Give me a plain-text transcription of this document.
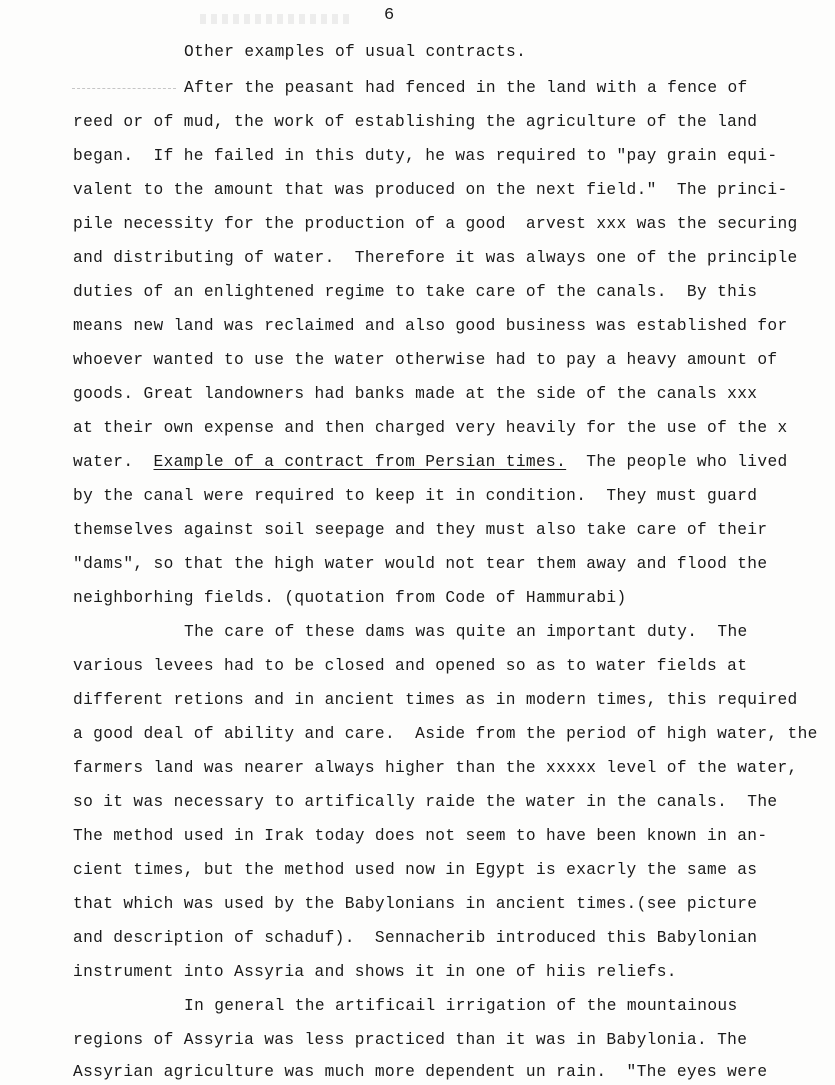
6
Other examples of usual contracts.
After the peasant had fenced in the land with a fence of
reed or of mud, the work of establishing the agriculture of the land
began.  If he failed in this duty, he was required to "pay grain equi-
valent to the amount that was produced on the next field."  The princi-
pile necessity for the production of a good  arvest xxx was the securing
and distributing of water.  Therefore it was always one of the principle
duties of an enlightened regime to take care of the canals.  By this
means new land was reclaimed and also good business was established for
whoever wanted to use the water otherwise had to pay a heavy amount of
goods. Great landowners had banks made at the side of the canals xxx
at their own expense and then charged very heavily for the use of the x
water.  Example of a contract from Persian times.  The people who lived
by the canal were required to keep it in condition.  They must guard
themselves against soil seepage and they must also take care of their
"dams", so that the high water would not tear them away and flood the
neighborhing fields. (quotation from Code of Hammurabi)
The care of these dams was quite an important duty.  The
various levees had to be closed and opened so as to water fields at
different retions and in ancient times as in modern times, this required
a good deal of ability and care.  Aside from the period of high water, the
farmers land was nearer always higher than the xxxxx level of the water,
so it was necessary to artifically raide the water in the canals.  The
The method used in Irak today does not seem to have been known in an-
cient times, but the method used now in Egypt is exacrly the same as
that which was used by the Babylonians in ancient times.(see picture
and description of schaduf).  Sennacherib introduced this Babylonian
instrument into Assyria and shows it in one of hiis reliefs.
In general the artificail irrigation of the mountainous
regions of Assyria was less practiced than it was in Babylonia. The
Assyrian agriculture was much more dependent un rain.  "The eyes were
